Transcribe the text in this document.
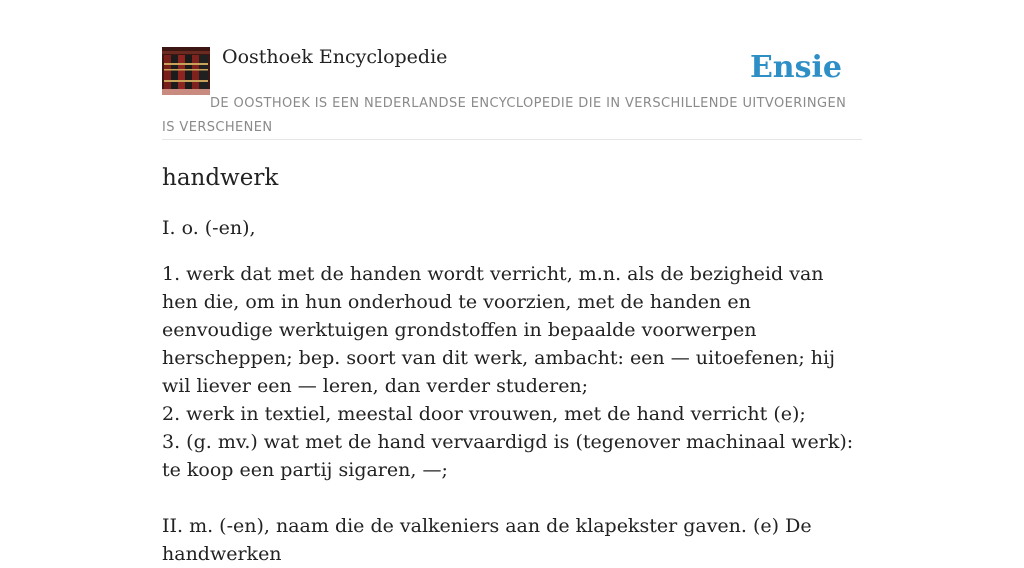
Oosthoek Encyclopedie	Ensie
DE OOSTHOEK IS EEN NEDERLANDSE ENCYCLOPEDIE DIE IN VERSCHILLENDE UITVOERINGEN IS VERSCHENEN
handwerk

I. o. (-en),

1. werk dat met de handen wordt verricht, m.n. als de bezigheid van hen die, om in hun onderhoud te voorzien, met de handen en eenvoudige werktuigen grondstoffen in bepaalde voorwerpen herscheppen; bep. soort van dit werk, ambacht: een — uitoefenen; hij wil liever een — leren, dan verder studeren;

2. werk in textiel, meestal door vrouwen, met de hand verricht (e);

3. (g. mv.) wat met de hand vervaardigd is (tegenover machinaal werk): te koop een partij sigaren, —;

II. m. (-en), naam die de valkeniers aan de klapekster gaven. (e) De handwerken
